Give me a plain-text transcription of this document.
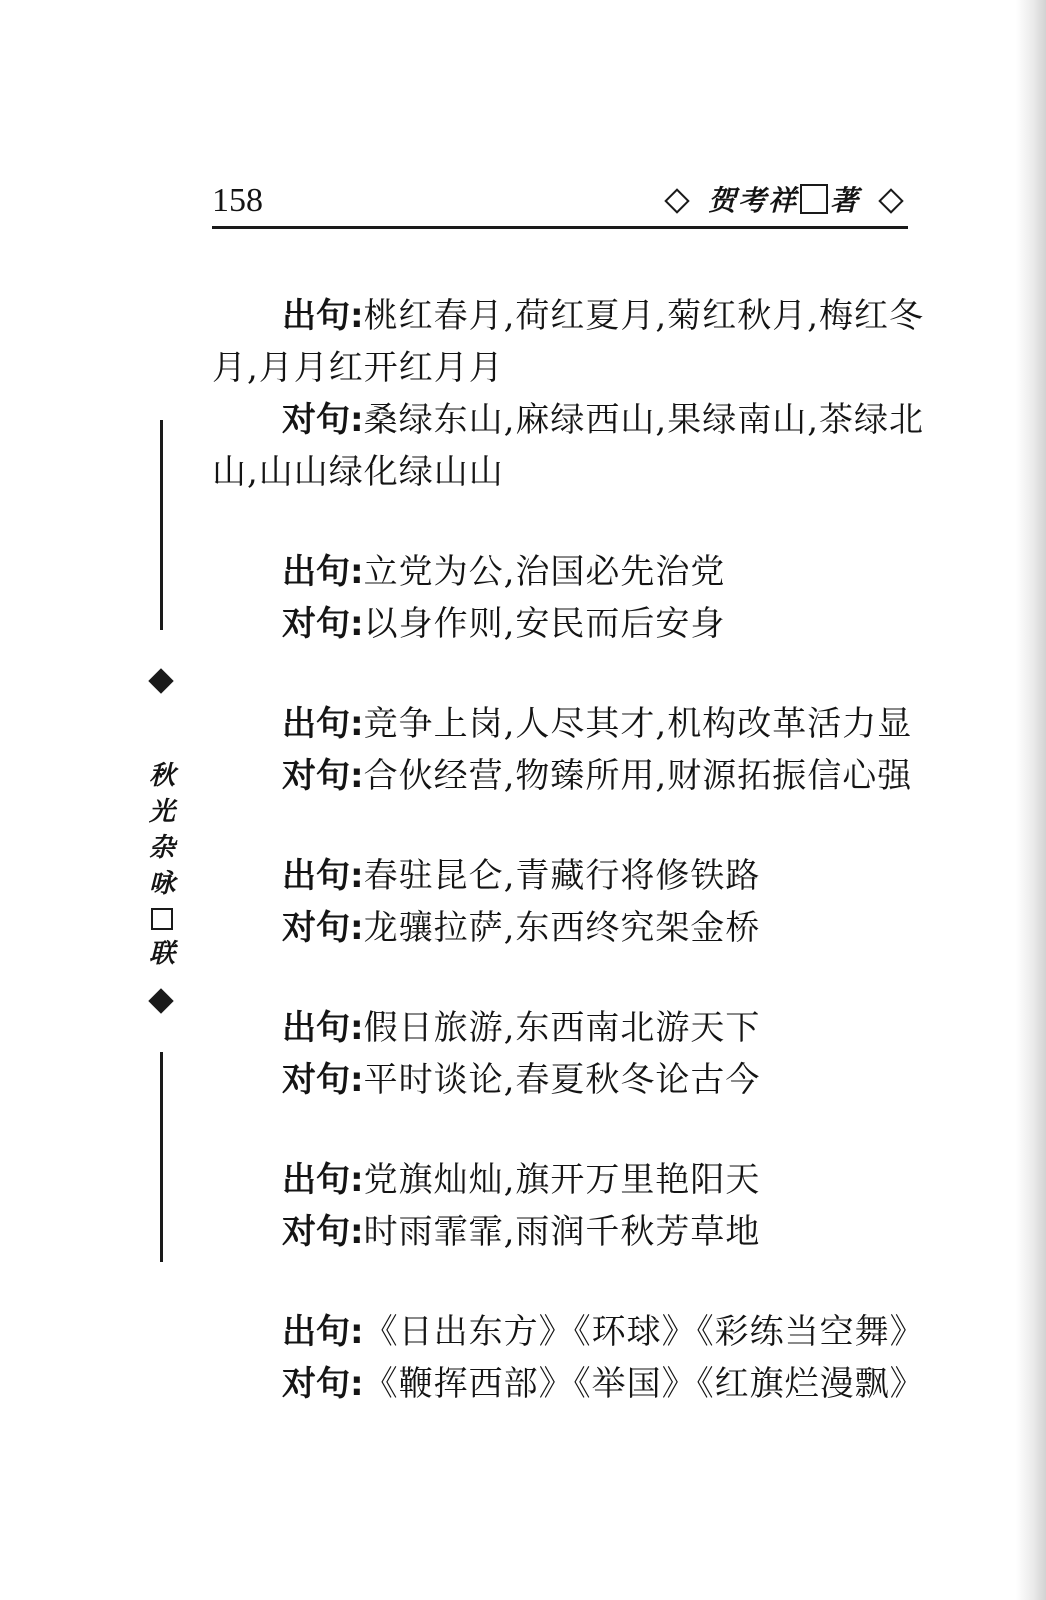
158	贺考祥 著
秋
光
杂
咏
联

出句:桃红春月,荷红夏月,菊红秋月,梅红冬月,月月红开红月月

对句:桑绿东山,麻绿西山,果绿南山,茶绿北山,山山绿化绿山山

出句:立党为公,治国必先治党

对句:以身作则,安民而后安身

出句:竞争上岗,人尽其才,机构改革活力显

对句:合伙经营,物臻所用,财源拓振信心强

出句:春驻昆仑,青藏行将修铁路

对句:龙骧拉萨,东西终究架金桥

出句:假日旅游,东西南北游天下

对句:平时谈论,春夏秋冬论古今

出句:党旗灿灿,旗开万里艳阳天

对句:时雨霏霏,雨润千秋芳草地

出句:《日出东方》《环球》《彩练当空舞》

对句:《鞭挥西部》《举国》《红旗烂漫飘》
